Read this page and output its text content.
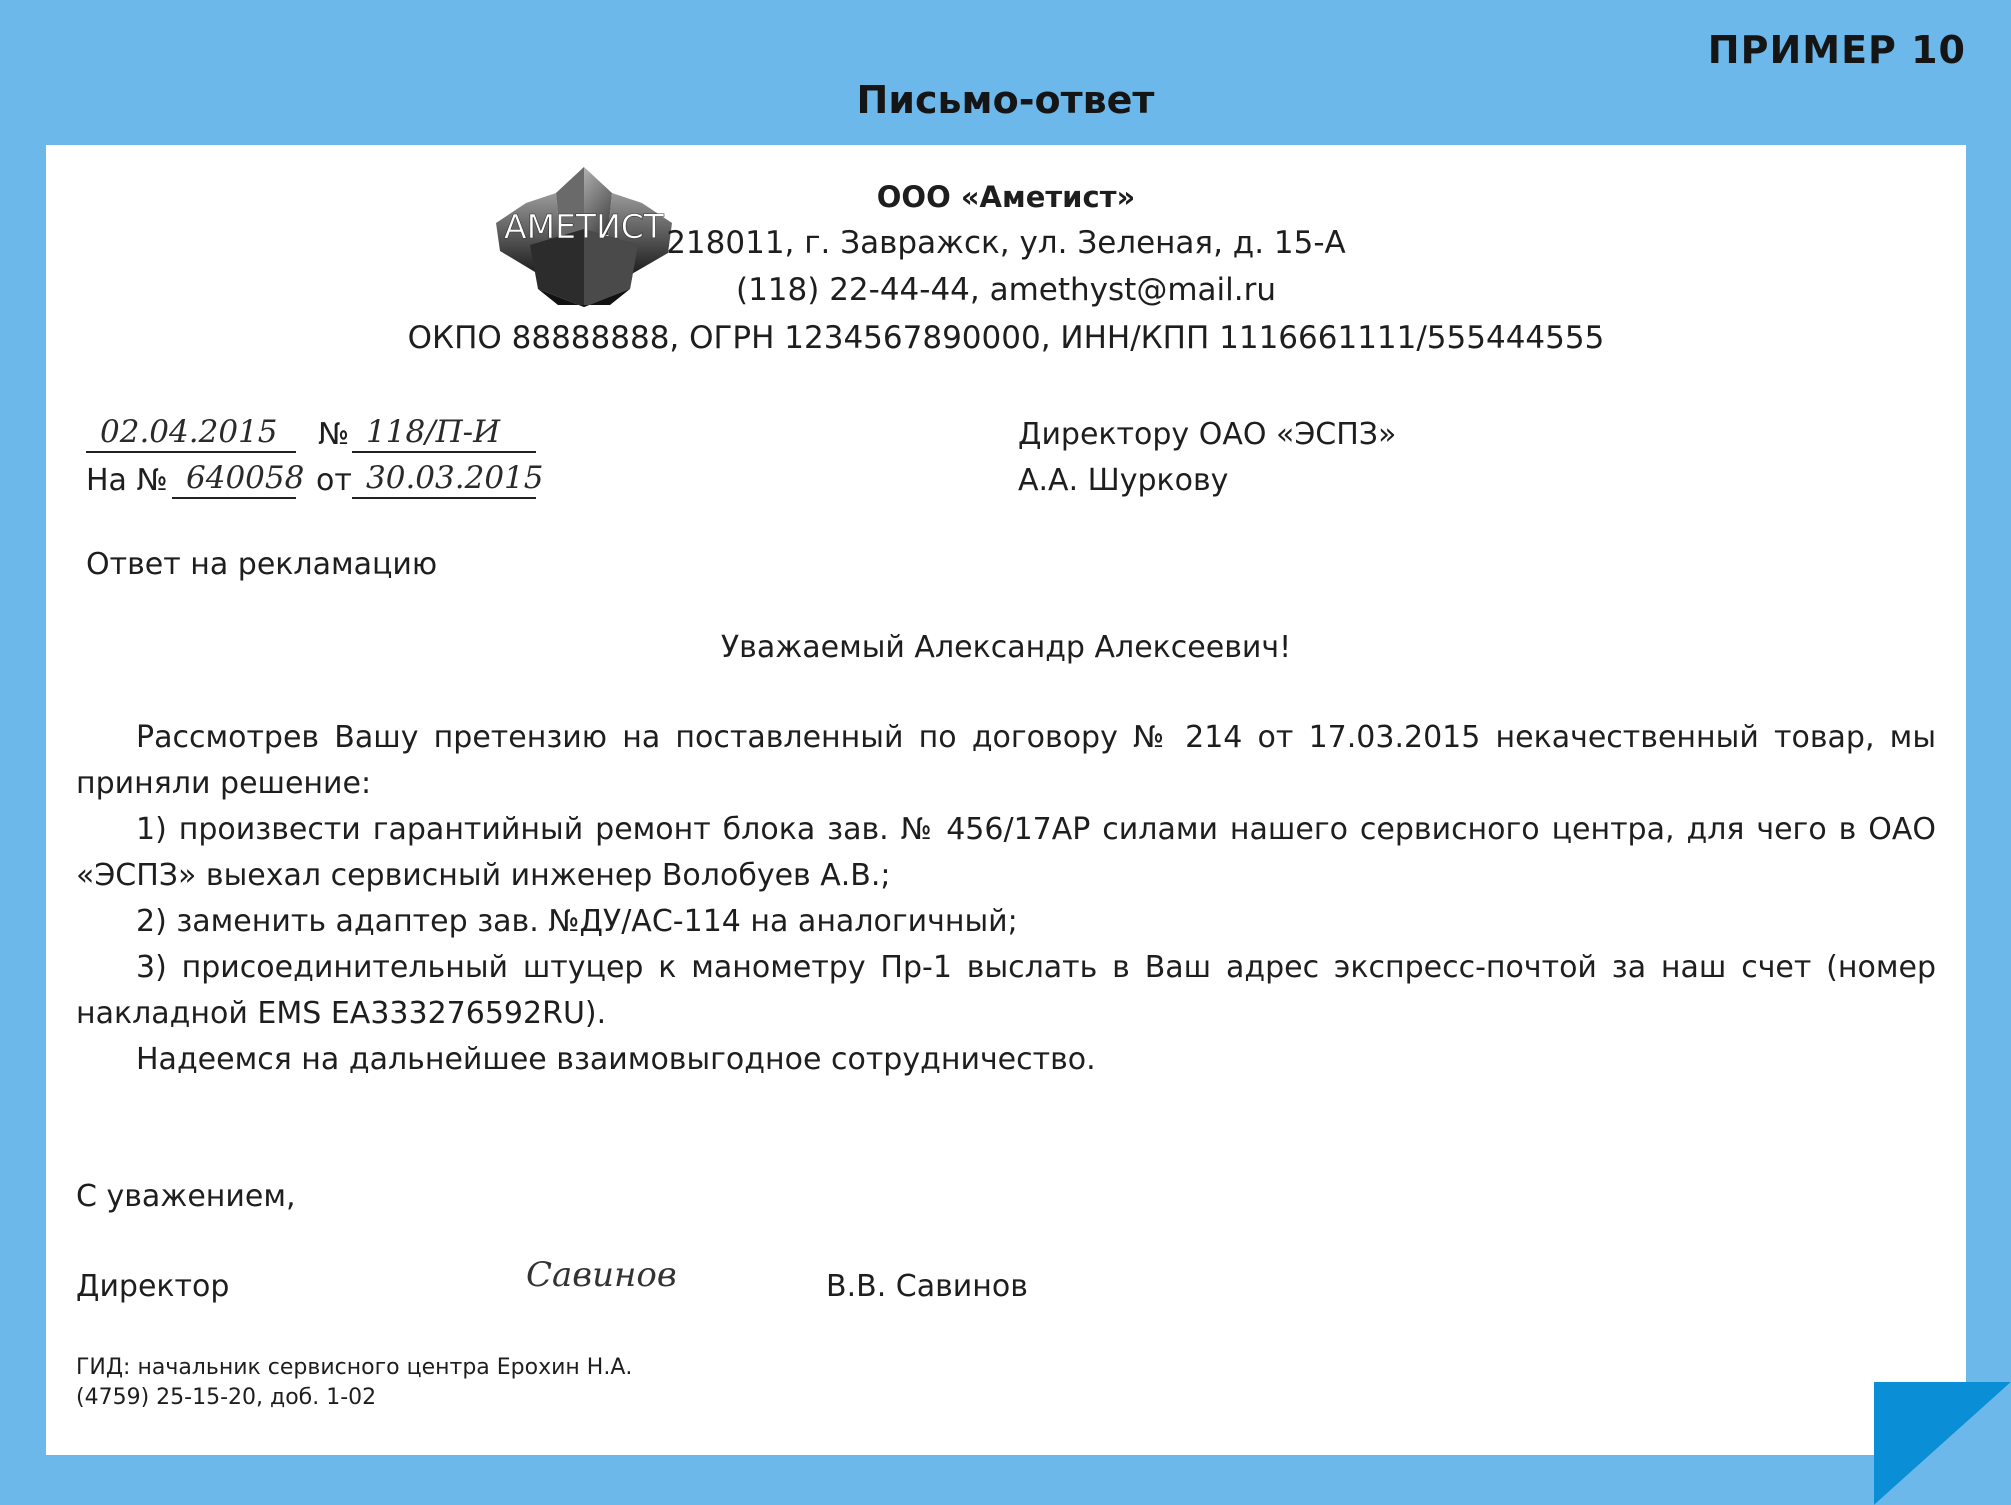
ПРИМЕР 10
Письмо-ответ
АМЕТИСТ
ООО «Аметист»
218011, г. Завражск, ул. Зеленая, д. 15-А
(118) 22-44-44, amethyst@mail.ru
ОКПО 88888888, ОГРН 1234567890000, ИНН/КПП 1116661111/555444555
02.04.2015	№ 118/П-И
На № 640058 от 30.03.2015
Директору ОАО «ЭСПЗ»
А.А. Шуркову
Ответ на рекламацию
Уважаемый Александр Алексеевич!
Рассмотрев Вашу претензию на поставленный по договору № 214 от 17.03.2015 некачественный товар, мы приняли решение:
1) произвести гарантийный ремонт блока зав. № 456/17АР силами нашего сервисного центра, для чего в ОАО «ЭСПЗ» выехал сервисный инженер Волобуев А.В.;
2) заменить адаптер зав. №ДУ/АС-114 на аналогичный;
3) присоединительный штуцер к манометру Пр-1 выслать в Ваш адрес экспресс-почтой за наш счет (номер накладной EMS EA333276592RU).
Надеемся на дальнейшее взаимовыгодное сотрудничество.
С уважением,
Директор	Савинов	В.В. Савинов
ГИД: начальник сервисного центра Ерохин Н.А.
(4759) 25-15-20, доб. 1-02
